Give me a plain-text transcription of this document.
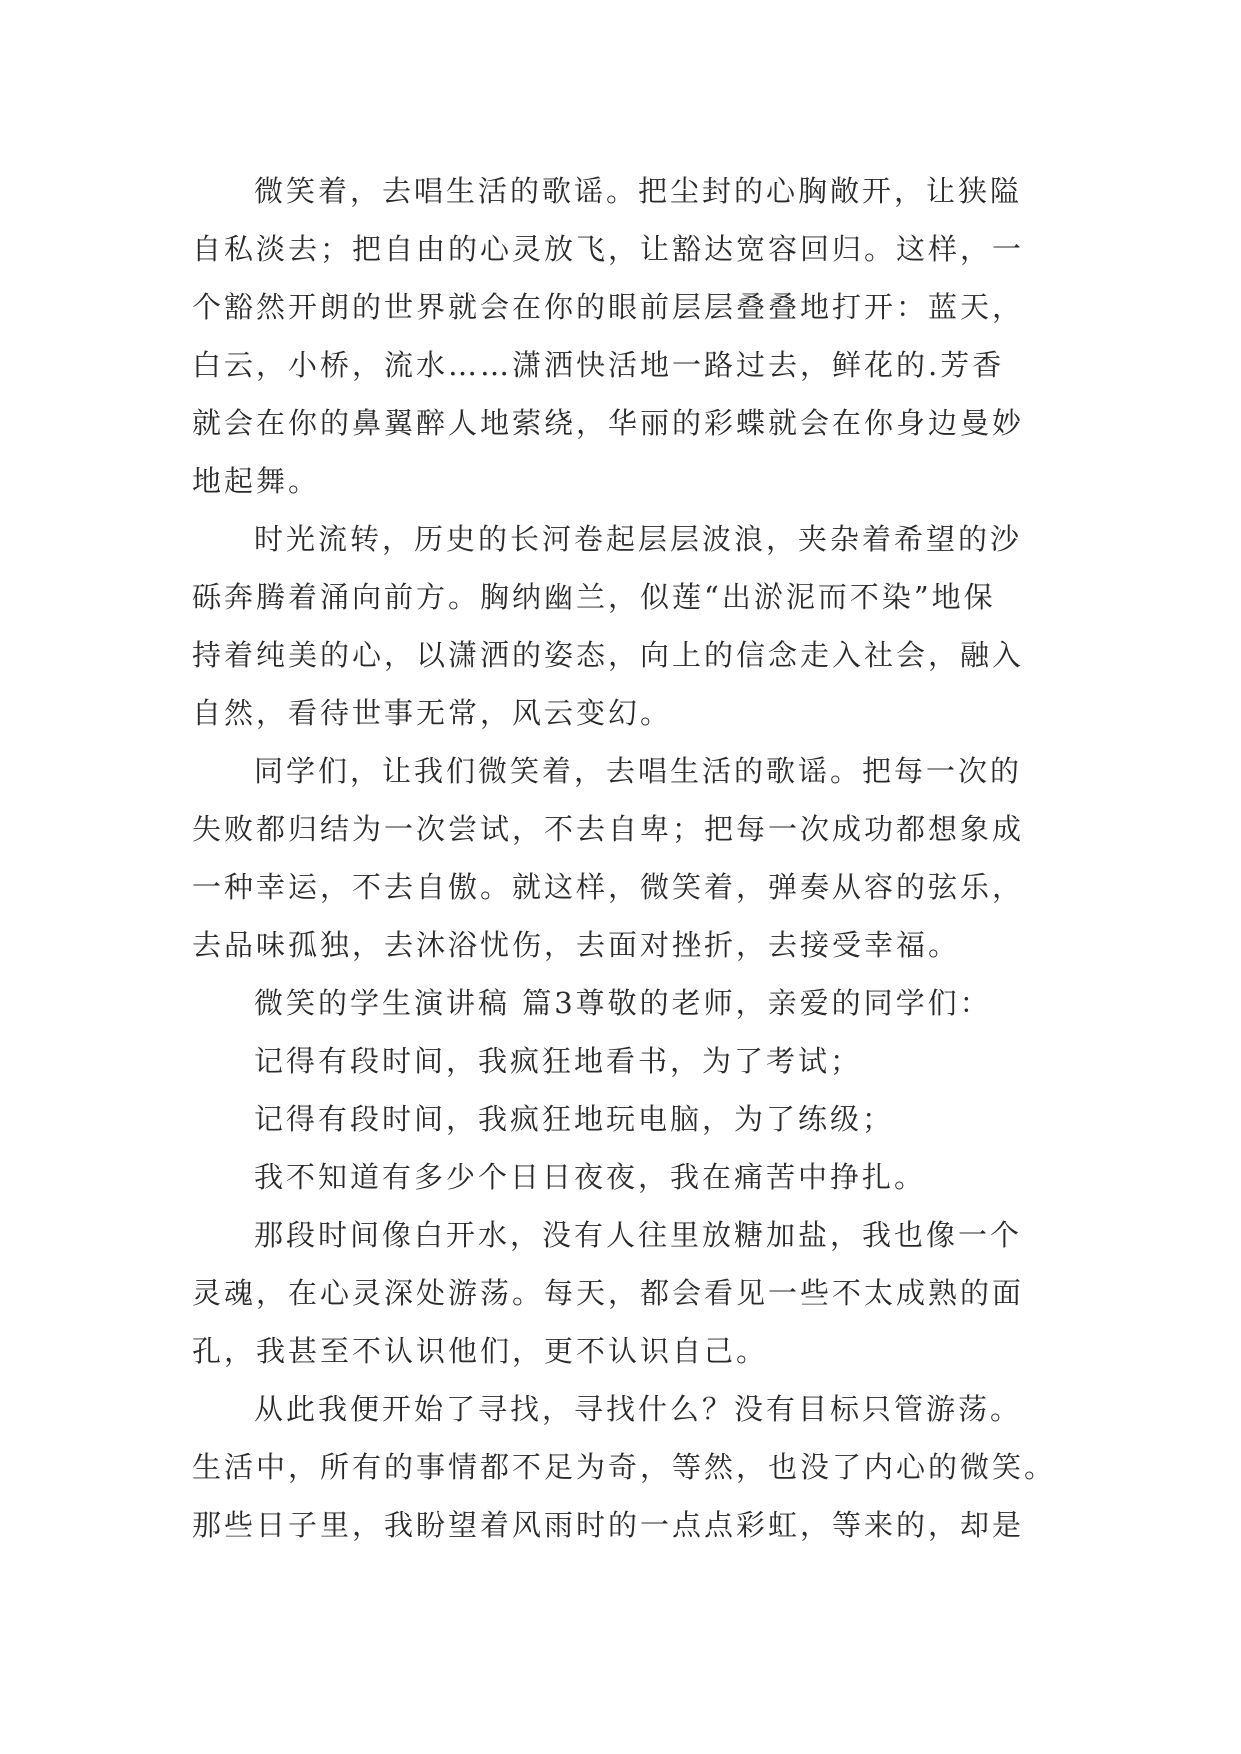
微笑着，去唱生活的歌谣。把尘封的心胸敞开，让狭隘
自私淡去；把自由的心灵放飞，让豁达宽容回归。这样，一
个豁然开朗的世界就会在你的眼前层层叠叠地打开：蓝天，
白云，小桥，流水……潇洒快活地一路过去，鲜花的.芳香
就会在你的鼻翼醉人地萦绕，华丽的彩蝶就会在你身边曼妙
地起舞。
时光流转，历史的长河卷起层层波浪，夹杂着希望的沙
砾奔腾着涌向前方。胸纳幽兰，似莲“出淤泥而不染”地保
持着纯美的心，以潇洒的姿态，向上的信念走入社会，融入
自然，看待世事无常，风云变幻。
同学们，让我们微笑着，去唱生活的歌谣。把每一次的
失败都归结为一次尝试，不去自卑；把每一次成功都想象成
一种幸运，不去自傲。就这样，微笑着，弹奏从容的弦乐，
去品味孤独，去沐浴忧伤，去面对挫折，去接受幸福。
微笑的学生演讲稿 篇3尊敬的老师，亲爱的同学们：
记得有段时间，我疯狂地看书，为了考试；
记得有段时间，我疯狂地玩电脑，为了练级；
我不知道有多少个日日夜夜，我在痛苦中挣扎。
那段时间像白开水，没有人往里放糖加盐，我也像一个
灵魂，在心灵深处游荡。每天，都会看见一些不太成熟的面
孔，我甚至不认识他们，更不认识自己。
从此我便开始了寻找，寻找什么？没有目标只管游荡。
生活中，所有的事情都不足为奇，等然，也没了内心的微笑。
那些日子里，我盼望着风雨时的一点点彩虹，等来的，却是
